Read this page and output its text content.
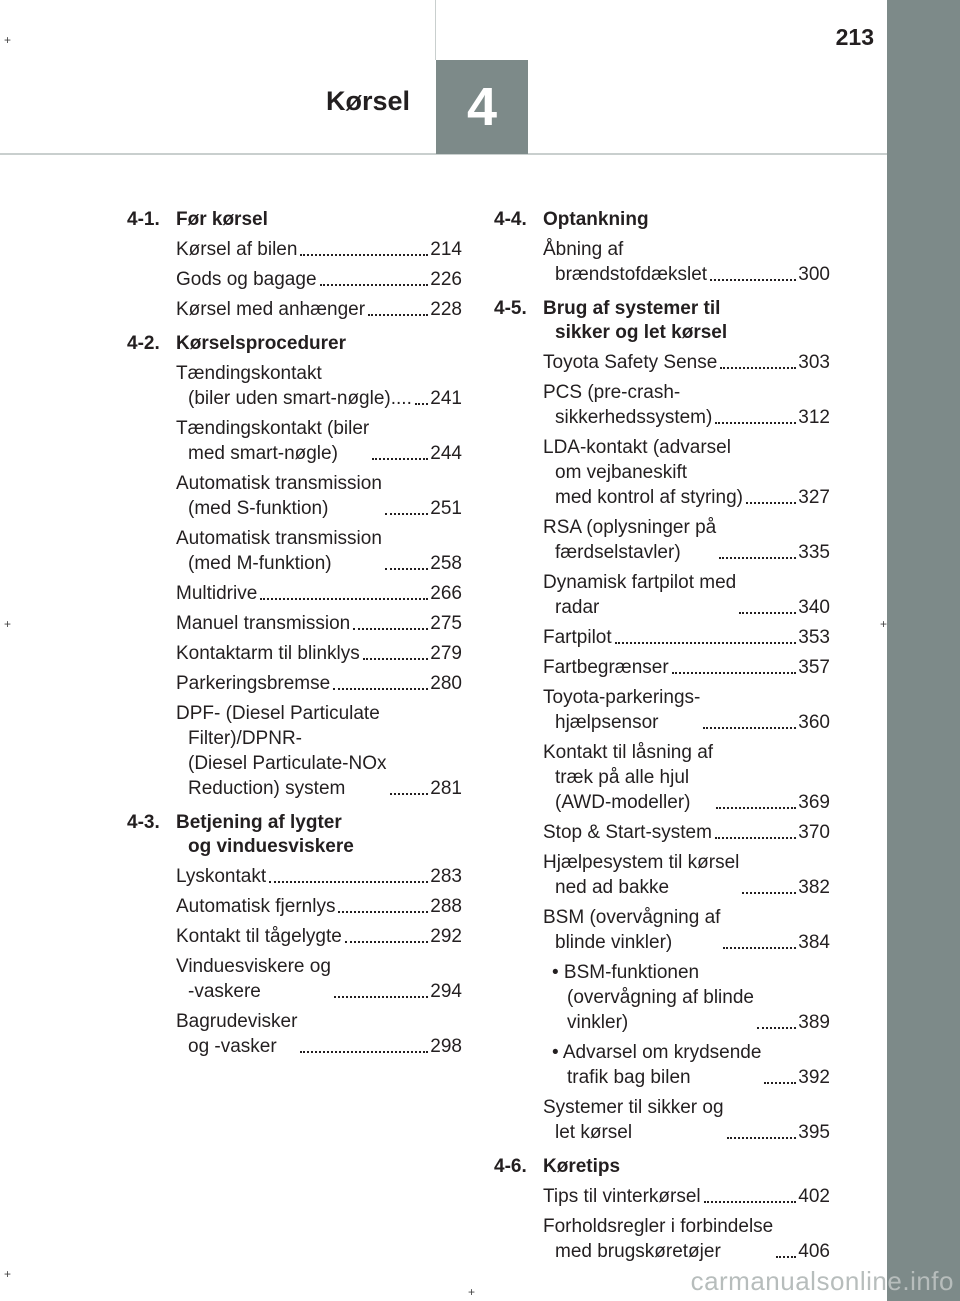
4
Kørsel
213
+
+
+
+
+
4-1. Før kørsel
Kørsel af bilen	214
Gods og bagage	226
Kørsel med anhænger	228
4-2. Kørselsprocedurer
Tændingskontakt
(biler uden smart-nøgle).... 241
Tændingskontakt (biler
med smart-nøgle)	244
Automatisk transmission
(med S-funktion)	251
Automatisk transmission
(med M-funktion)	258
Multidrive	266
Manuel transmission	275
Kontaktarm til blinklys	279
Parkeringsbremse	280
DPF- (Diesel Particulate
Filter)/DPNR-
(Diesel Particulate-NOx
Reduction) system	281
4-3. Betjening af lygter
og vinduesviskere
Lyskontakt	283
Automatisk fjernlys	288
Kontakt til tågelygte	292
Vinduesviskere og
-vaskere	294
Bagrudevisker
og -vasker	298
4-4. Optankning
Åbning af
brændstofdækslet	300
4-5. Brug af systemer til
sikker og let kørsel
Toyota Safety Sense	303
PCS (pre-crash-
sikkerhedssystem)	312
LDA-kontakt (advarsel
om vejbaneskift
med kontrol af styring)	327
RSA (oplysninger på
færdselstavler)	335
Dynamisk fartpilot med
radar	340
Fartpilot	353
Fartbegrænser	357
Toyota-parkerings-
hjælpsensor	360
Kontakt til låsning af
træk på alle hjul
(AWD-modeller)	369
Stop & Start-system	370
Hjælpesystem til kørsel
ned ad bakke	382
BSM (overvågning af
blinde vinkler)	384
• BSM-funktionen
(overvågning af blinde
vinkler)	389
• Advarsel om krydsende
trafik bag bilen	392
Systemer til sikker og
let kørsel	395
4-6. Køretips
Tips til vinterkørsel	402
Forholdsregler i forbindelse
med brugskøretøjer	406
carmanualsonline.info
